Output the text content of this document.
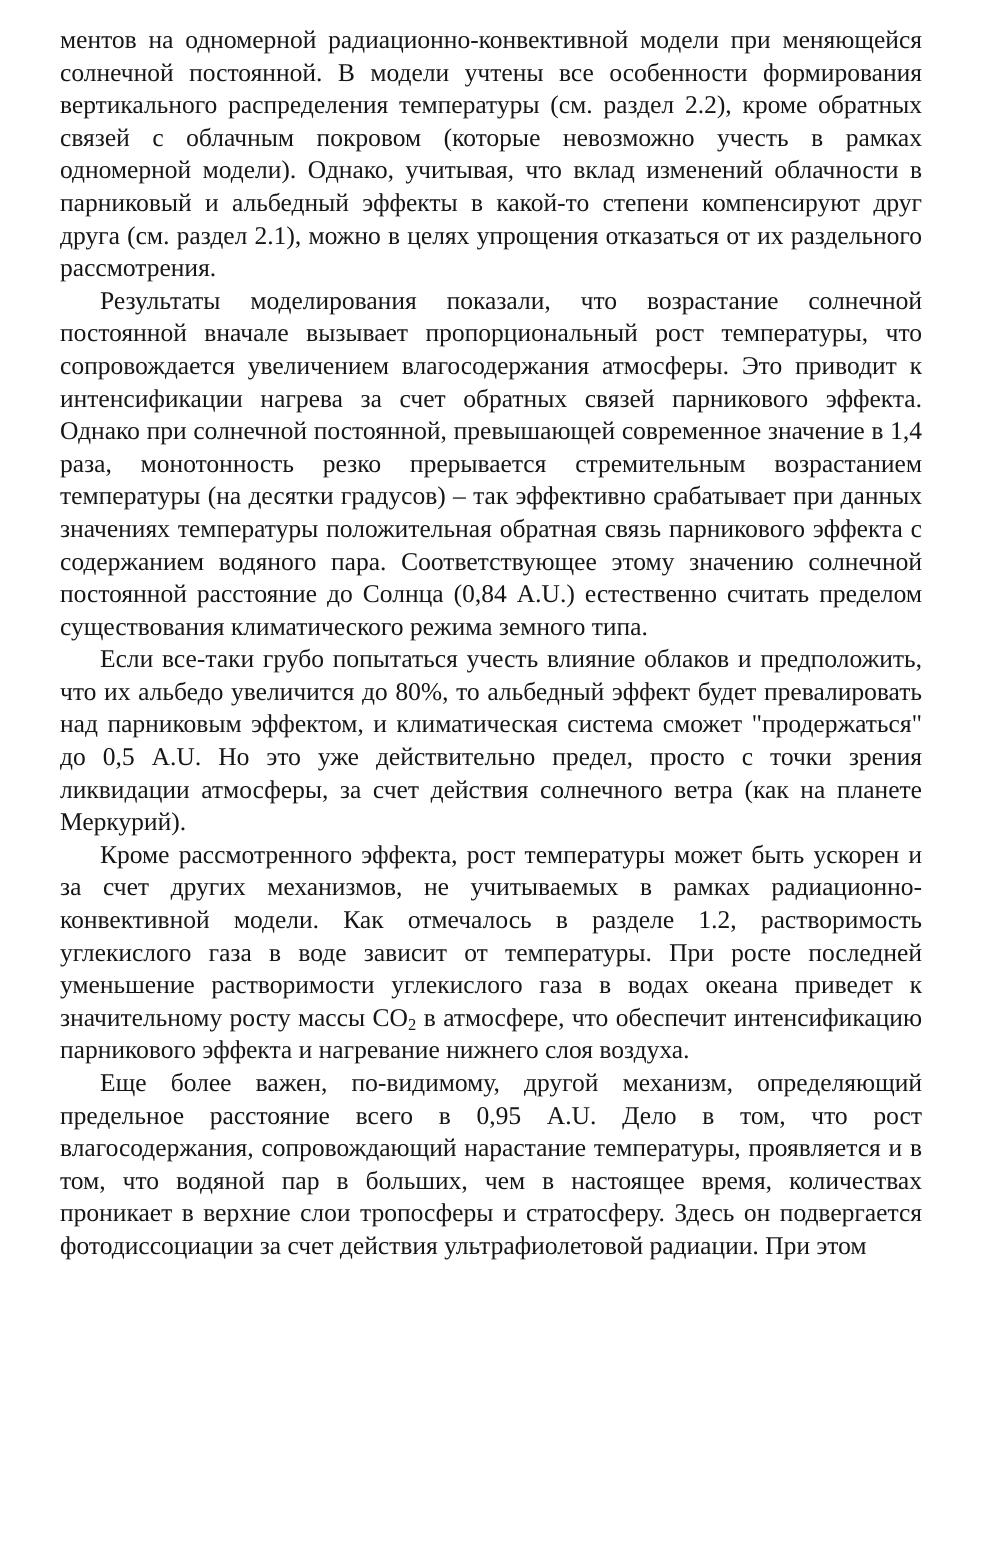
ментов на одномерной радиационно-конвективной модели при меняющейся солнечной постоянной. В модели учтены все особенности формирования вертикального распределения температуры (см. раздел 2.2), кроме обратных связей с облачным покровом (которые невозможно учесть в рамках одномерной модели). Однако, учитывая, что вклад изменений облачности в парниковый и альбедный эффекты в какой-то степени компенсируют друг друга (см. раздел 2.1), можно в целях упрощения отказаться от их раздельного рассмотрения.

Результаты моделирования показали, что возрастание солнечной постоянной вначале вызывает пропорциональный рост температуры, что сопровождается увеличением влагосодержания атмосферы. Это приводит к интенсификации нагрева за счет обратных связей парникового эффекта. Однако при солнечной постоянной, превышающей современное значение в 1,4 раза, монотонность резко прерывается стремительным возрастанием температуры (на десятки градусов) – так эффективно срабатывает при данных значениях температуры положительная обратная связь парникового эффекта с содержанием водяного пара. Соответствующее этому значению солнечной постоянной расстояние до Солнца (0,84 A.U.) естественно считать пределом существования климатического режима земного типа.

Если все-таки грубо попытаться учесть влияние облаков и предположить, что их альбедо увеличится до 80%, то альбедный эффект будет превалировать над парниковым эффектом, и климатическая система сможет "продержаться" до 0,5 A.U. Но это уже действительно предел, просто с точки зрения ликвидации атмосферы, за счет действия солнечного ветра (как на планете Меркурий).

Кроме рассмотренного эффекта, рост температуры может быть ускорен и за счет других механизмов, не учитываемых в рамках радиационно-конвективной модели. Как отмечалось в разделе 1.2, растворимость углекислого газа в воде зависит от температуры. При росте последней уменьшение растворимости углекислого газа в водах океана приведет к значительному росту массы $CO_2$ в атмосфере, что обеспечит интенсификацию парникового эффекта и нагревание нижнего слоя воздуха.

Еще более важен, по-видимому, другой механизм, определяющий предельное расстояние всего в 0,95 A.U. Дело в том, что рост влагосодержания, сопровождающий нарастание температуры, проявляется и в том, что водяной пар в больших, чем в настоящее время, количествах проникает в верхние слои тропосферы и стратосферу. Здесь он подвергается фотодиссоциации за счет действия ультрафиолетовой радиации. При этом
